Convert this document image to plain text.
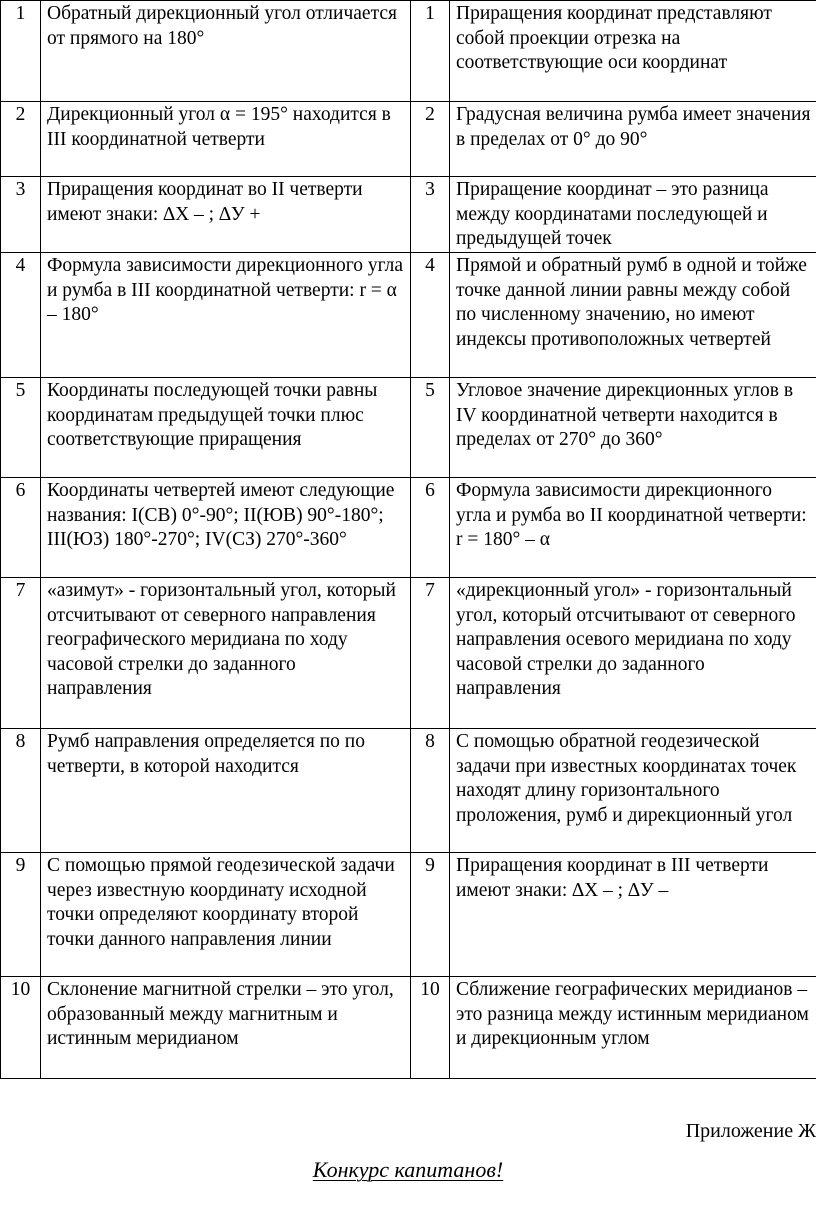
1	Обратный дирекционный угол отличается от прямого на 180°	1	Приращения координат представляют собой проекции отрезка на соответствующие оси координат
2	Дирекционный угол α = 195° находится в III координатной четверти	2	Градусная величина румба имеет значения в пределах от 0° до 90°
3	Приращения координат во II четверти имеют знаки: ∆Х – ; ∆У +	3	Приращение координат – это разница между координатами последующей и предыдущей точек
4	Формула зависимости дирекционного угла и румба в III координатной четверти: r = α – 180°	4	Прямой и обратный румб в одной и тойже точке данной линии равны между собой по численному значению, но имеют индексы противоположных четвертей
5	Координаты последующей точки равны координатам предыдущей точки плюс соответствующие приращения	5	Угловое значение дирекционных углов в IV координатной четверти находится в пределах от 270° до 360°
6	Координаты четвертей имеют следующие названия: I(СВ) 0°-90°; II(ЮВ) 90°-180°; III(ЮЗ) 180°-270°; IV(СЗ) 270°-360°	6	Формула зависимости дирекционного угла и румба во II координатной четверти: r = 180° – α
7	«азимут» - горизонтальный угол, который отсчитывают от северного направления географического меридиана по ходу часовой стрелки до заданного направления	7	«дирекционный угол» - горизонтальный угол, который отсчитывают от северного направления осевого меридиана по ходу часовой стрелки до заданного направления
8	Румб направления определяется по по четверти, в которой находится	8	С помощью обратной геодезической задачи при известных координатах точек находят длину горизонтального проложения, румб и дирекционный угол
9	С помощью прямой геодезической задачи через известную координату исходной точки определяют координату второй точки данного направления линии	9	Приращения координат в III четверти имеют знаки: ∆Х – ; ∆У –
10	Склонение магнитной стрелки – это угол, образованный между магнитным и истинным меридианом	10	Сближение географических меридианов – это разница между истинным меридианом и дирекционным углом
Приложение Ж
Конкурс капитанов!
